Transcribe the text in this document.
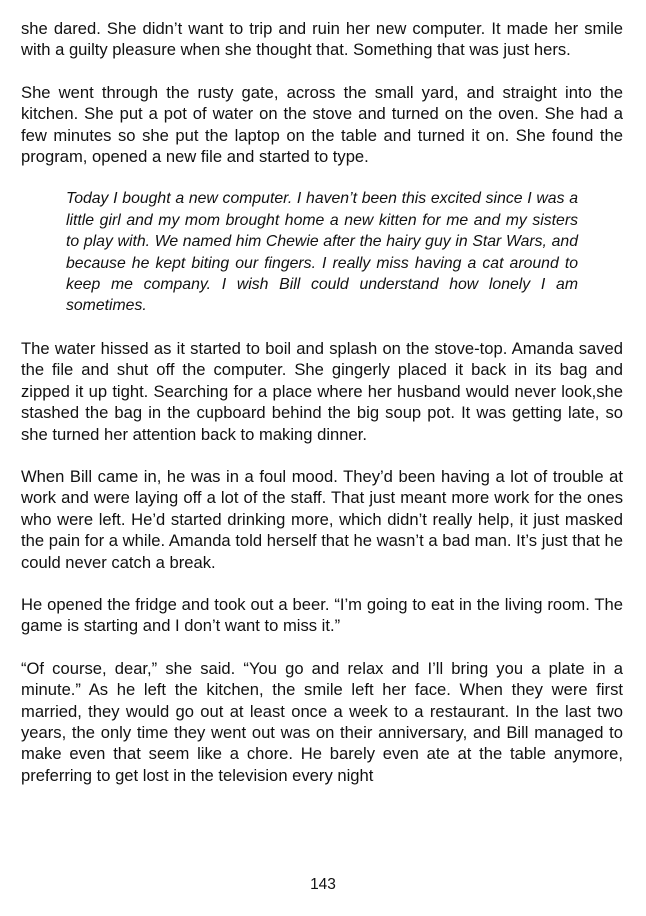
she dared. She didn’t want to trip and ruin her new computer. It made her smile with a guilty pleasure when she thought that. Something that was just hers.

She went through the rusty gate, across the small yard, and straight into the kitchen. She put a pot of water on the stove and turned on the oven. She had a few minutes so she put the laptop on the table and turned it on. She found the program, opened a new file and started to type.

Today I bought a new computer. I haven’t been this excited since I was a little girl and my mom brought home a new kitten for me and my sisters to play with. We named him Chewie after the hairy guy in Star Wars, and because he kept biting our fingers. I really miss having a cat around to keep me company. I wish Bill could understand how lonely I am sometimes.

The water hissed as it started to boil and splash on the stove-top. Amanda saved the file and shut off the computer. She gingerly placed it back in its bag and zipped it up tight. Searching for a place where her husband would never look,she stashed the bag in the cupboard behind the big soup pot. It was getting late, so she turned her attention back to making dinner.

When Bill came in, he was in a foul mood. They’d been having a lot of trouble at work and were laying off a lot of the staff. That just meant more work for the ones who were left. He’d started drinking more, which didn’t really help, it just masked the pain for a while. Amanda told herself that he wasn’t a bad man. It’s just that he could never catch a break.

He opened the fridge and took out a beer. “I’m going to eat in the living room. The game is starting and I don’t want to miss it.”

“Of course, dear,” she said. “You go and relax and I’ll bring you a plate in a minute.” As he left the kitchen, the smile left her face. When they were first married, they would go out at least once a week to a restaurant. In the last two years, the only time they went out was on their anniversary, and Bill managed to make even that seem like a chore. He barely even ate at the table anymore, preferring to get lost in the television every night

143
